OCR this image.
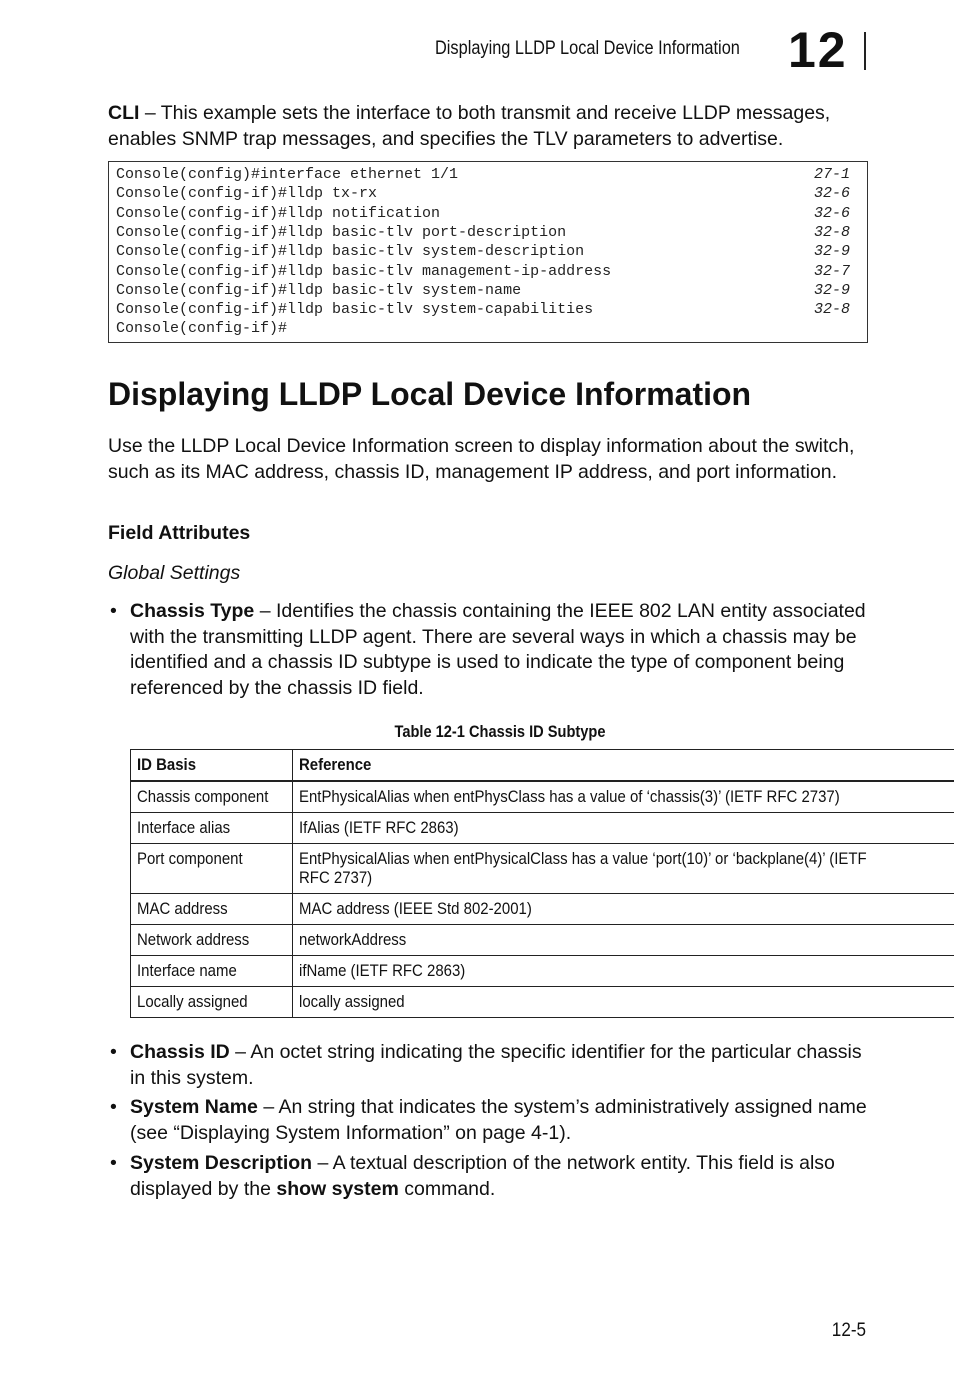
Displaying LLDP Local Device Information 12

CLI – This example sets the interface to both transmit and receive LLDP messages, enables SNMP trap messages, and specifies the TLV parameters to advertise.

Console(config)#interface ethernet 1/1	27-1
Console(config-if)#lldp tx-rx	32-6
Console(config-if)#lldp notification	32-6
Console(config-if)#lldp basic-tlv port-description	32-8
Console(config-if)#lldp basic-tlv system-description	32-9
Console(config-if)#lldp basic-tlv management-ip-address	32-7
Console(config-if)#lldp basic-tlv system-name	32-9
Console(config-if)#lldp basic-tlv system-capabilities	32-8
Console(config-if)#
Displaying LLDP Local Device Information

Use the LLDP Local Device Information screen to display information about the switch, such as its MAC address, chassis ID, management IP address, and port information.

Field Attributes
Global Settings
• Chassis Type – Identifies the chassis containing the IEEE 802 LAN entity associated with the transmitting LLDP agent. There are several ways in which a chassis may be identified and a chassis ID subtype is used to indicate the type of component being referenced by the chassis ID field.
Table 12-1 Chassis ID Subtype
ID Basis	Reference
Chassis component	EntPhysicalAlias when entPhysClass has a value of ‘chassis(3)’ (IETF RFC 2737)
Interface alias	IfAlias (IETF RFC 2863)
Port component	EntPhysicalAlias when entPhysicalClass has a value ‘port(10)’ or ‘backplane(4)’ (IETF RFC 2737)

MAC address	MAC address (IEEE Std 802-2001)
Network address	networkAddress
Interface name	ifName (IETF RFC 2863)
Locally assigned	locally assigned
• Chassis ID – An octet string indicating the specific identifier for the particular chassis in this system.
• System Name – An string that indicates the system’s administratively assigned name (see “Displaying System Information” on page 4-1).
• System Description – A textual description of the network entity. This field is also displayed by the show system command.
12-5
